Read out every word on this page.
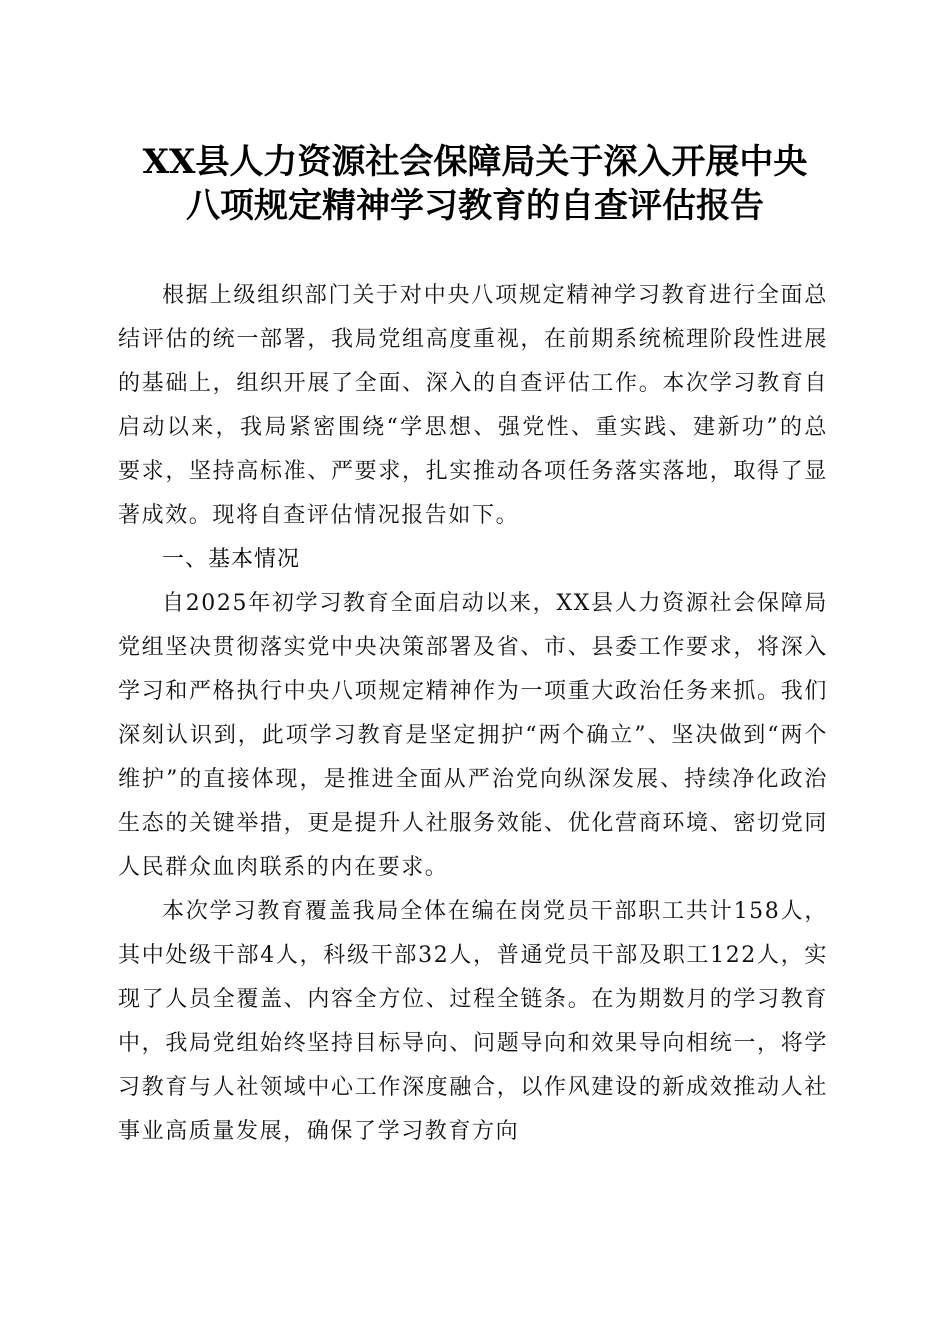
XX县人力资源社会保障局关于深入开展中央
八项规定精神学习教育的自查评估报告

根据上级组织部门关于对中央八项规定精神学习教育进行全面总结评估的统一部署，我局党组高度重视，在前期系统梳理阶段性进展的基础上，组织开展了全面、深入的自查评估工作。本次学习教育自启动以来，我局紧密围绕“学思想、强党性、重实践、建新功”的总要求，坚持高标准、严要求，扎实推动各项任务落实落地，取得了显著成效。现将自查评估情况报告如下。

一、基本情况

自2025年初学习教育全面启动以来，XX县人力资源社会保障局党组坚决贯彻落实党中央决策部署及省、市、县委工作要求，将深入学习和严格执行中央八项规定精神作为一项重大政治任务来抓。我们深刻认识到，此项学习教育是坚定拥护“两个确立”、坚决做到“两个维护”的直接体现，是推进全面从严治党向纵深发展、持续净化政治生态的关键举措，更是提升人社服务效能、优化营商环境、密切党同人民群众血肉联系的内在要求。

本次学习教育覆盖我局全体在编在岗党员干部职工共计158人，其中处级干部4人，科级干部32人，普通党员干部及职工122人，实现了人员全覆盖、内容全方位、过程全链条。在为期数月的学习教育中，我局党组始终坚持目标导向、问题导向和效果导向相统一，将学习教育与人社领域中心工作深度融合，以作风建设的新成效推动人社事业高质量发展，确保了学习教育方向
